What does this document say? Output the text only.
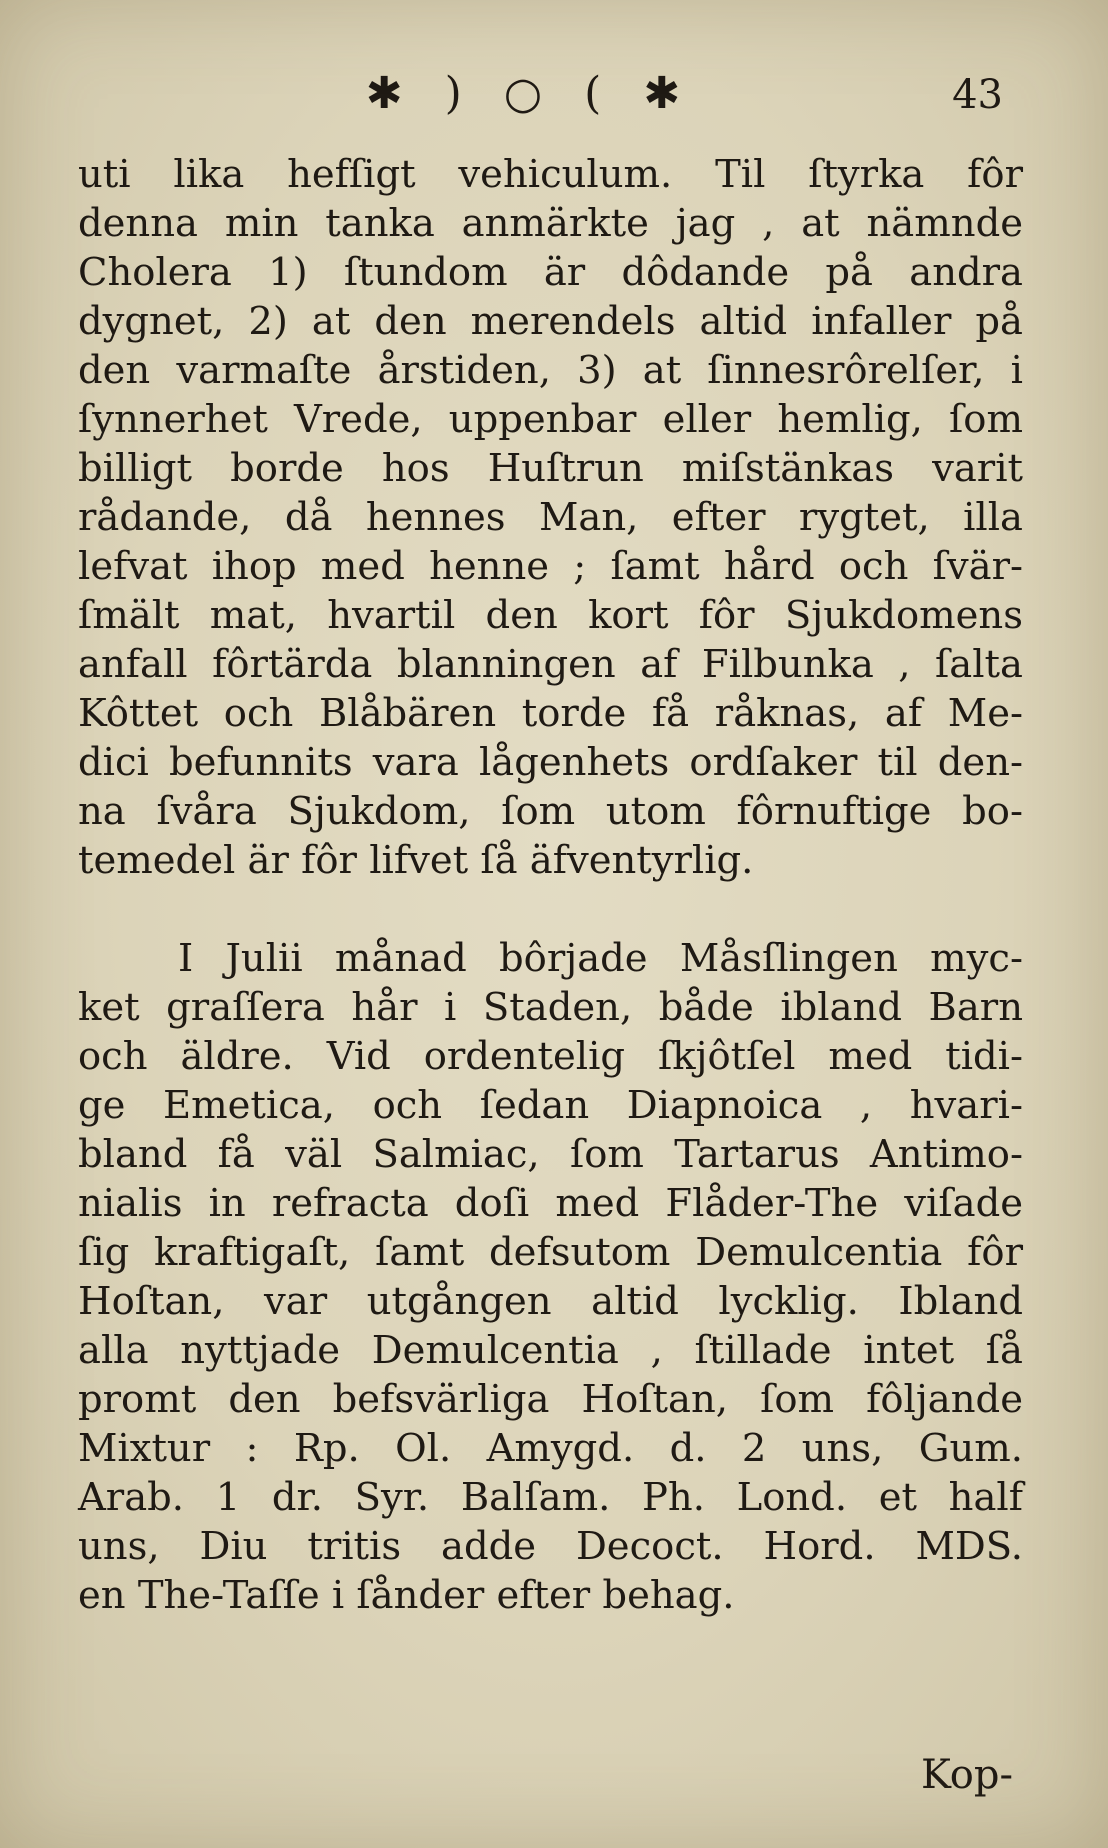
✱ ) ○ ( ✱	43
uti lika hefſigt vehiculum. Til ſtyrka fôr
denna min tanka anmärkte jag , at nämnde
Cholera 1) ſtundom är dôdande på andra
dygnet, 2) at den merendels altid infaller på
den varmaſte årstiden, 3) at ſinnesrôrelſer, i
ſynnerhet Vrede, uppenbar eller hemlig, ſom
billigt borde hos Huſtrun miſstänkas varit
rådande, då hennes Man, efter rygtet, illa
lefvat ihop med henne ; ſamt hård och ſvär-
ſmält mat, hvartil den kort fôr Sjukdomens
anfall fôrtärda blanningen af Filbunka , ſalta
Kôttet och Blåbären torde få råknas, af Me-
dici befunnits vara lågenhets ordſaker til den-
na ſvåra Sjukdom, ſom utom fôrnuftige bo-
temedel är fôr lifvet ſå äfventyrlig.
I Julii månad bôrjade Måsſlingen myc-
ket graſſera hår i Staden, både ibland Barn
och äldre. Vid ordentelig ſkjôtſel med tidi-
ge Emetica, och ſedan Diapnoica , hvari-
bland få väl Salmiac, ſom Tartarus Antimo-
nialis in refracta doſi med Flåder-The viſade
ſig kraftigaſt, ſamt defsutom Demulcentia fôr
Hoſtan, var utgången altid lycklig. Ibland
alla nyttjade Demulcentia , ſtillade intet ſå
promt den befsvärliga Hoſtan, ſom fôljande
Mixtur : Rp. Ol. Amygd. d. 2 uns, Gum.
Arab. 1 dr. Syr. Balſam. Ph. Lond. et half
uns, Diu tritis adde Decoct. Hord. MDS.
en The-Taſſe i ſånder efter behag.
Kop-
